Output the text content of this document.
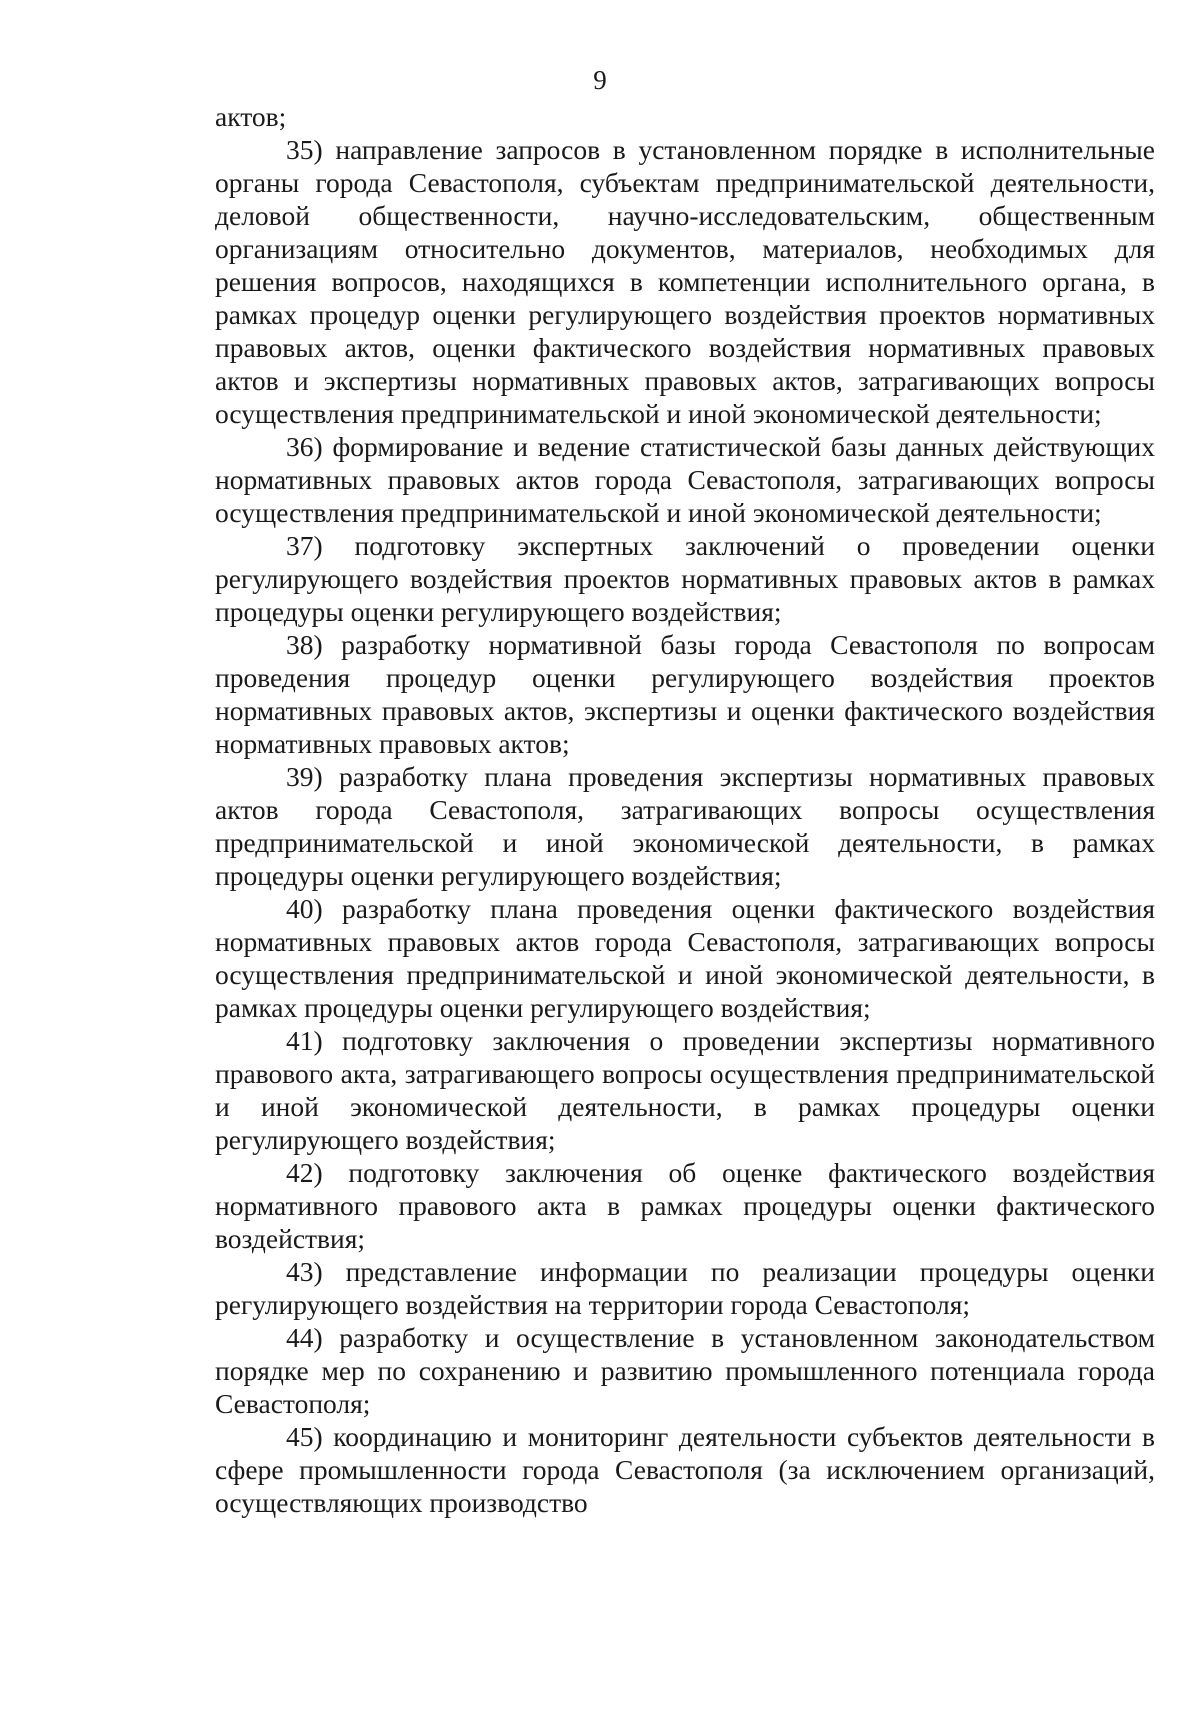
9

актов;

35) направление запросов в установленном порядке в исполнительные органы города Севастополя, субъектам предпринимательской деятельности, деловой общественности, научно-исследовательским, общественным организациям относительно документов, материалов, необходимых для решения вопросов, находящихся в компетенции исполнительного органа, в рамках процедур оценки регулирующего воздействия проектов нормативных правовых актов, оценки фактического воздействия нормативных правовых актов и экспертизы нормативных правовых актов, затрагивающих вопросы осуществления предпринимательской и иной экономической деятельности;

36) формирование и ведение статистической базы данных действующих нормативных правовых актов города Севастополя, затрагивающих вопросы осуществления предпринимательской и иной экономической деятельности;

37) подготовку экспертных заключений о проведении оценки регулирующего воздействия проектов нормативных правовых актов в рамках процедуры оценки регулирующего воздействия;

38) разработку нормативной базы города Севастополя по вопросам проведения процедур оценки регулирующего воздействия проектов нормативных правовых актов, экспертизы и оценки фактического воздействия нормативных правовых актов;

39) разработку плана проведения экспертизы нормативных правовых актов города Севастополя, затрагивающих вопросы осуществления предпринимательской и иной экономической деятельности, в рамках процедуры оценки регулирующего воздействия;

40) разработку плана проведения оценки фактического воздействия нормативных правовых актов города Севастополя, затрагивающих вопросы осуществления предпринимательской и иной экономической деятельности, в рамках процедуры оценки регулирующего воздействия;

41) подготовку заключения о проведении экспертизы нормативного правового акта, затрагивающего вопросы осуществления предпринимательской и иной экономической деятельности, в рамках процедуры оценки регулирующего воздействия;

42) подготовку заключения об оценке фактического воздействия нормативного правового акта в рамках процедуры оценки фактического воздействия;

43) представление информации по реализации процедуры оценки регулирующего воздействия на территории города Севастополя;

44) разработку и осуществление в установленном законодательством порядке мер по сохранению и развитию промышленного потенциала города Севастополя;

45) координацию и мониторинг деятельности субъектов деятельности в сфере промышленности города Севастополя (за исключением организаций, осуществляющих производство
